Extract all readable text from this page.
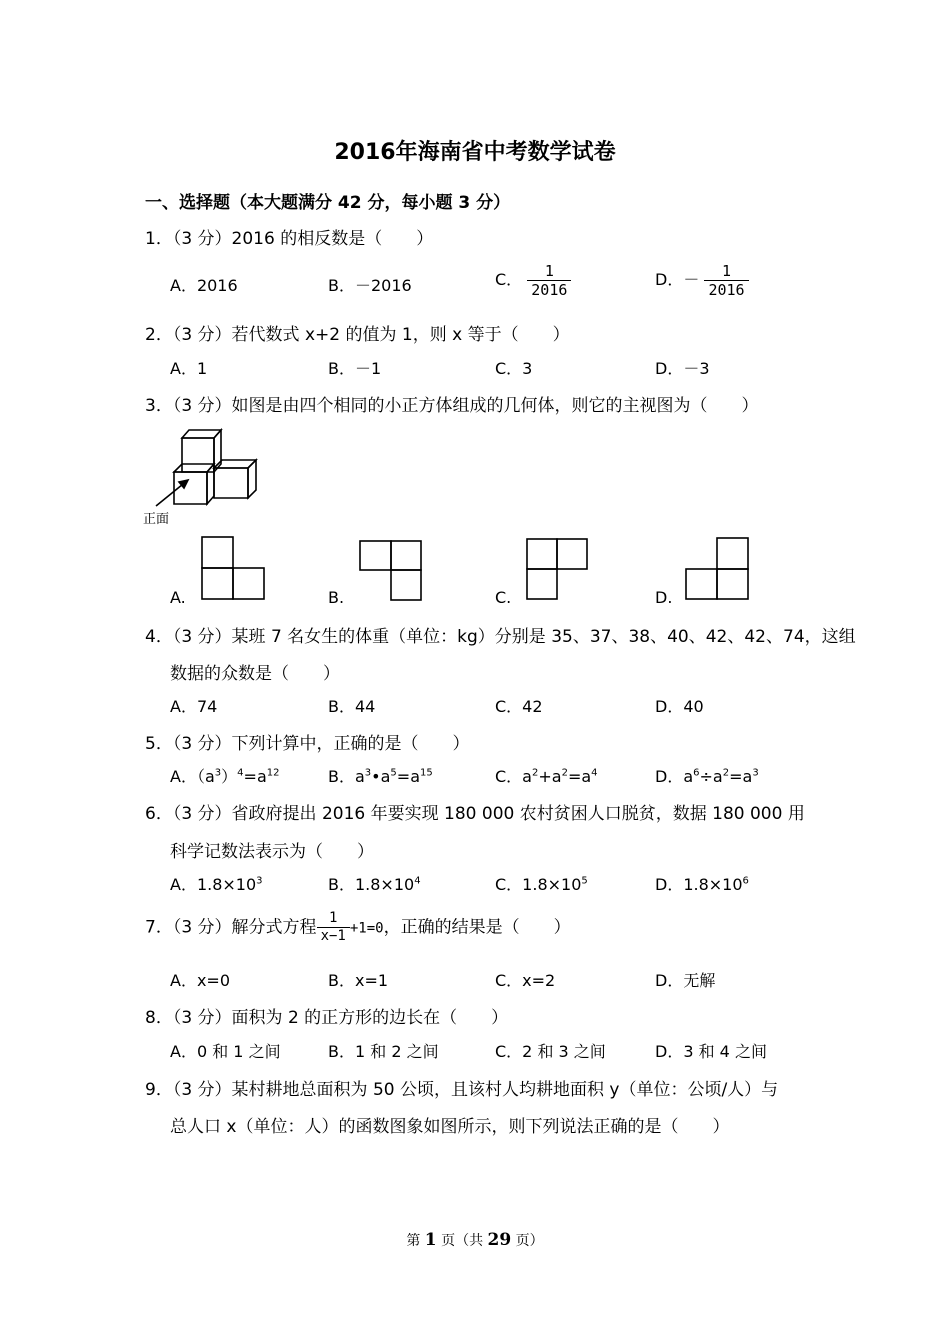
2016年海南省中考数学试卷
一、选择题（本大题满分 42 分，每小题 3 分）
1．（3 分）2016 的相反数是（　　）
A．2016	B．－2016	C． $\frac{1}{2016}$	D．－ $\frac{1}{2016}$
2．（3 分）若代数式 x+2 的值为 1，则 x 等于（　　）
A．1	B．－1	C．3	D．－3
3．（3 分）如图是由四个相同的小正方体组成的几何体，则它的主视图为（　　）
正面
A.	B.	C.	D.
4．（3 分）某班 7 名女生的体重（单位：kg）分别是 35、37、38、40、42、42、74，这组
数据的众数是（　　）
A．74	B．44	C．42	D．40
5．（3 分）下列计算中，正确的是（　　）
A．$(a^3)^4=a^{12}$	B．$a^3•a^5=a^{15}$	C．$a^2+a^2=a^4$	D．$a^6\div a^2=a^3$
6．（3 分）省政府提出 2016 年要实现 180 000 农村贫困人口脱贫，数据 180 000 用
科学记数法表示为（　　）
A．$1.8\times 10^3$	B．$1.8\times 10^4$	C．$1.8\times 10^5$	D．$1.8\times 10^6$
7．（3 分）解分式方程 $\frac{1}{x-1} +1=0$，正确的结果是（　　）
A．x=0	B．x=1	C．x=2	D．无解
8．（3 分）面积为 2 的正方形的边长在（　　）
A．0 和 1 之间	B．1 和 2 之间	C．2 和 3 之间	D．3 和 4 之间
9．（3 分）某村耕地总面积为 50 公顷，且该村人均耕地面积 y（单位：公顷/人）与
总人口 x（单位：人）的函数图象如图所示，则下列说法正确的是（　　）
第 1 页（共 29 页）
